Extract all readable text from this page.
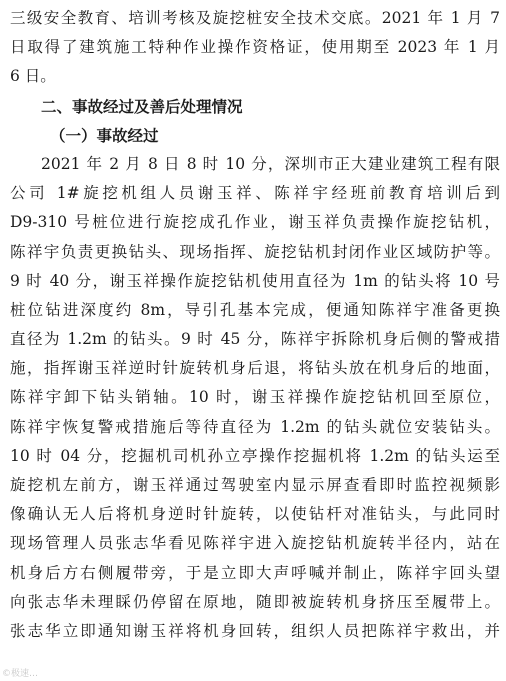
三级安全教育、培训考核及旋挖桩安全技术交底。2021 年 1 月 7
日取得了建筑施工特种作业操作资格证，使用期至 2023 年 1 月
6 日。
二、事故经过及善后处理情况
（一）事故经过
2021 年 2 月 8 日 8 时 10 分，深圳市正大建业建筑工程有限
公司 1#旋挖机组人员谢玉祥、陈祥宇经班前教育培训后到
D9-310 号桩位进行旋挖成孔作业，谢玉祥负责操作旋挖钻机，
陈祥宇负责更换钻头、现场指挥、旋挖钻机封闭作业区域防护等。
9 时 40 分，谢玉祥操作旋挖钻机使用直径为 1m 的钻头将 10 号
桩位钻进深度约 8m，导引孔基本完成，便通知陈祥宇准备更换
直径为 1.2m 的钻头。9 时 45 分，陈祥宇拆除机身后侧的警戒措
施，指挥谢玉祥逆时针旋转机身后退，将钻头放在机身后的地面，
陈祥宇卸下钻头销轴。10 时，谢玉祥操作旋挖钻机回至原位，
陈祥宇恢复警戒措施后等待直径为 1.2m 的钻头就位安装钻头。
10 时 04 分，挖掘机司机孙立亭操作挖掘机将 1.2m 的钻头运至
旋挖机左前方，谢玉祥通过驾驶室内显示屏查看即时监控视频影
像确认无人后将机身逆时针旋转，以使钻杆对准钻头，与此同时
现场管理人员张志华看见陈祥宇进入旋挖钻机旋转半径内，站在
机身后方右侧履带旁，于是立即大声呼喊并制止，陈祥宇回头望
向张志华未理睬仍停留在原地，随即被旋转机身挤压至履带上。
张志华立即通知谢玉祥将机身回转，组织人员把陈祥宇救出，并
©极速…
